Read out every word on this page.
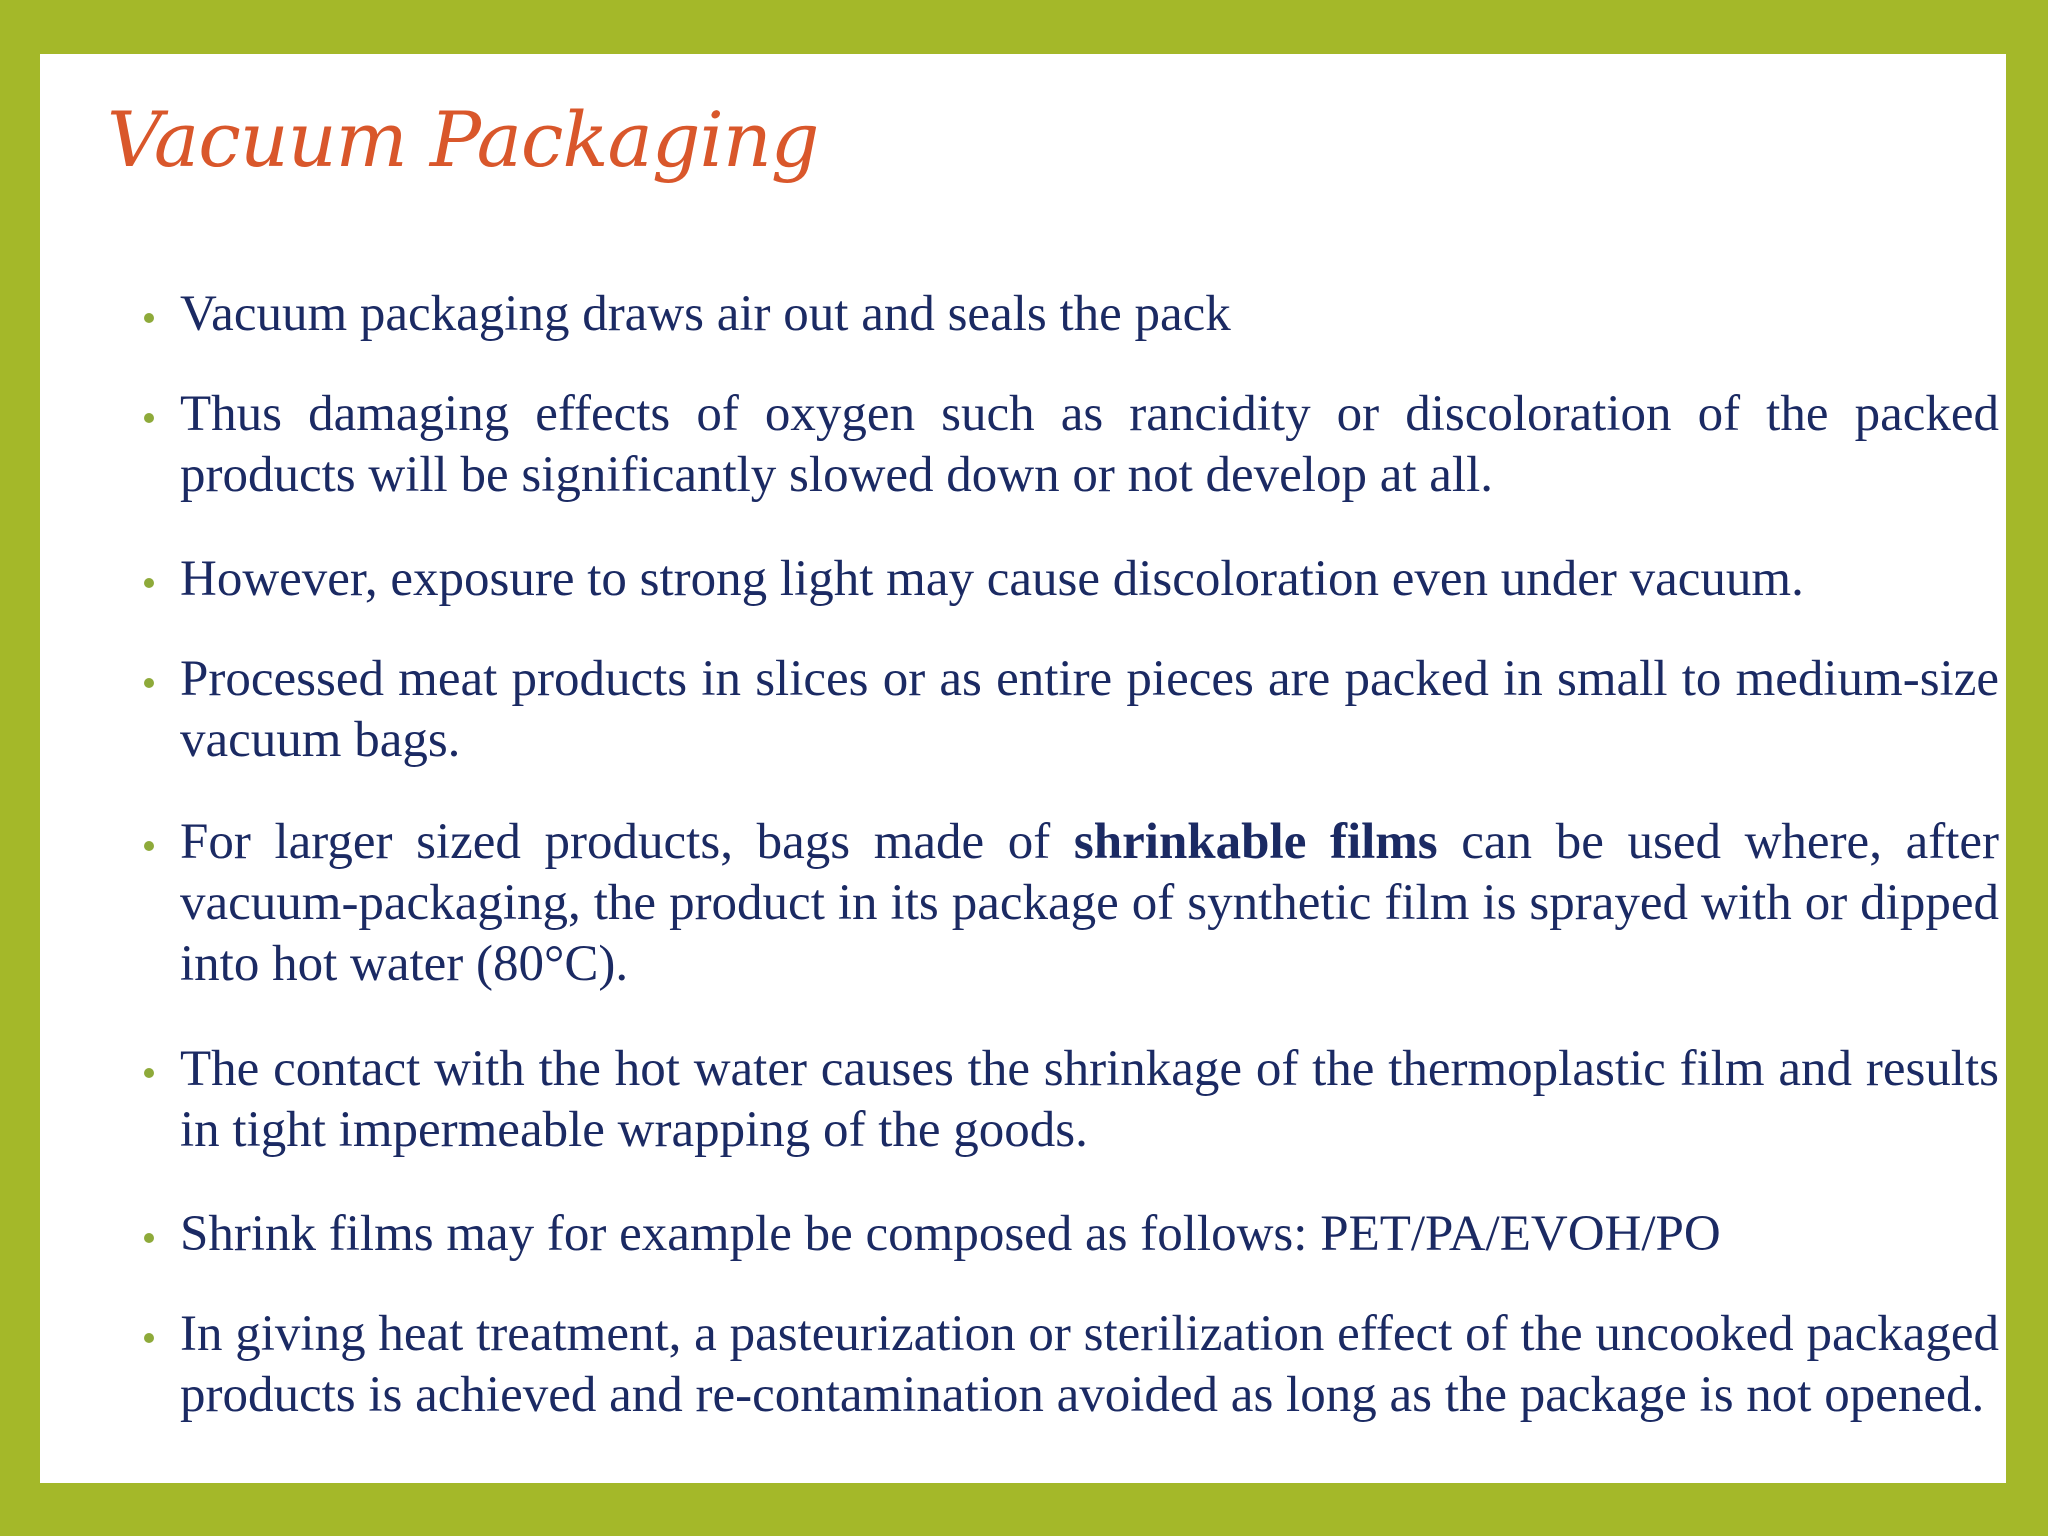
Vacuum Packaging

Vacuum packaging draws air out and seals the pack

Thus damaging effects of oxygen such as rancidity or discoloration of the packed products will be significantly slowed down or not develop at all.

However, exposure to strong light may cause discoloration even under vacuum.

Processed meat products in slices or as entire pieces are packed in small to medium-size vacuum bags.

For larger sized products, bags made of shrinkable films can be used where, after vacuum-packaging, the product in its package of synthetic film is sprayed with or dipped into hot water (80°C).

The contact with the hot water causes the shrinkage of the thermoplastic film and results in tight impermeable wrapping of the goods.

Shrink films may for example be composed as follows: PET/PA/EVOH/PO

In giving heat treatment, a pasteurization or sterilization effect of the uncooked packaged products is achieved and re-contamination avoided as long as the package is not opened.
